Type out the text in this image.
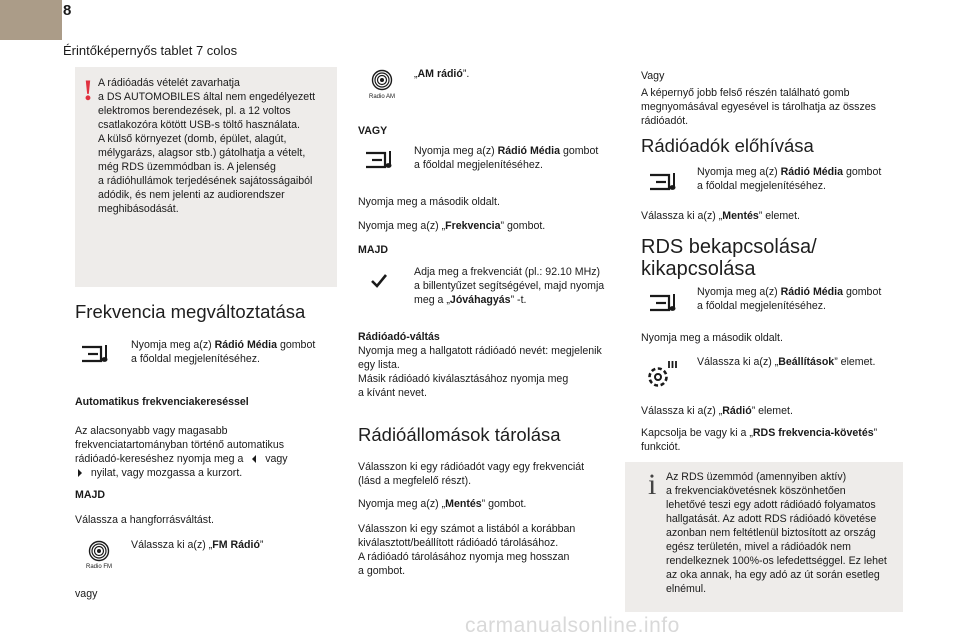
8
Érintőképernyős tablet 7 colos
! A rádióadás vételét zavarhatja
a DS AUTOMOBILES által nem engedélyezett
elektromos berendezések, pl. a 12 voltos
csatlakozóra kötött USB-s töltő használata.
A külső környezet (domb, épület, alagút,
mélygarázs, alagsor stb.) gátolhatja a vételt,
még RDS üzemmódban is. A jelenség
a rádióhullámok terjedésének sajátosságaiból
adódik, és nem jelenti az audiorendszer
meghibásodását.
Frekvencia megváltoztatása
Nyomja meg a(z) Rádió Média gombot
a főoldal megjelenítéséhez.
Automatikus frekvenciakereséssel
Az alacsonyabb vagy magasabb
frekvenciatartományban történő automatikus
rádióadó-kereséshez nyomja meg a vagy
nyilat, vagy mozgassa a kurzort.
MAJD
Válassza a hangforrásváltást.
Radio FM
Válassza ki a(z) „FM Rádió”
vagy
Radio AM
„AM rádió”.
VAGY
Nyomja meg a(z) Rádió Média gombot
a főoldal megjelenítéséhez.
Nyomja meg a második oldalt.
Nyomja meg a(z) „Frekvencia” gombot.
MAJD
Adja meg a frekvenciát (pl.: 92.10 MHz)
a billentyűzet segítségével, majd nyomja
meg a „Jóváhagyás” -t.
Rádióadó-váltás
Nyomja meg a hallgatott rádióadó nevét: megjelenik
egy lista.
Másik rádióadó kiválasztásához nyomja meg
a kívánt nevet.
Rádióállomások tárolása
Válasszon ki egy rádióadót vagy egy frekvenciát
(lásd a megfelelő részt).
Nyomja meg a(z) „Mentés” gombot.
Válasszon ki egy számot a listából a korábban
kiválasztott/beállított rádióadó tárolásához.
A rádióadó tárolásához nyomja meg hosszan
a gombot.
Vagy
A képernyő jobb felső részén található gomb
megnyomásával egyesével is tárolhatja az összes
rádióadót.
Rádióadók előhívása
Nyomja meg a(z) Rádió Média gombot
a főoldal megjelenítéséhez.
Válassza ki a(z) „Mentés” elemet.
RDS bekapcsolása/
kikapcsolása
Nyomja meg a(z) Rádió Média gombot
a főoldal megjelenítéséhez.
Nyomja meg a második oldalt.
Válassza ki a(z) „Beállítások” elemet.
Válassza ki a(z) „Rádió” elemet.
Kapcsolja be vagy ki a „RDS frekvencia-követés”
funkciót.
i Az RDS üzemmód (amennyiben aktív)
a frekvenciakövetésnek köszönhetően
lehetővé teszi egy adott rádióadó folyamatos
hallgatását. Az adott RDS rádióadó követése
azonban nem feltétlenül biztosított az ország
egész területén, mivel a rádióadók nem
rendelkeznek 100%-os lefedettséggel. Ez lehet
az oka annak, ha egy adó az út során esetleg
elnémul.
carmanualsonline.info
